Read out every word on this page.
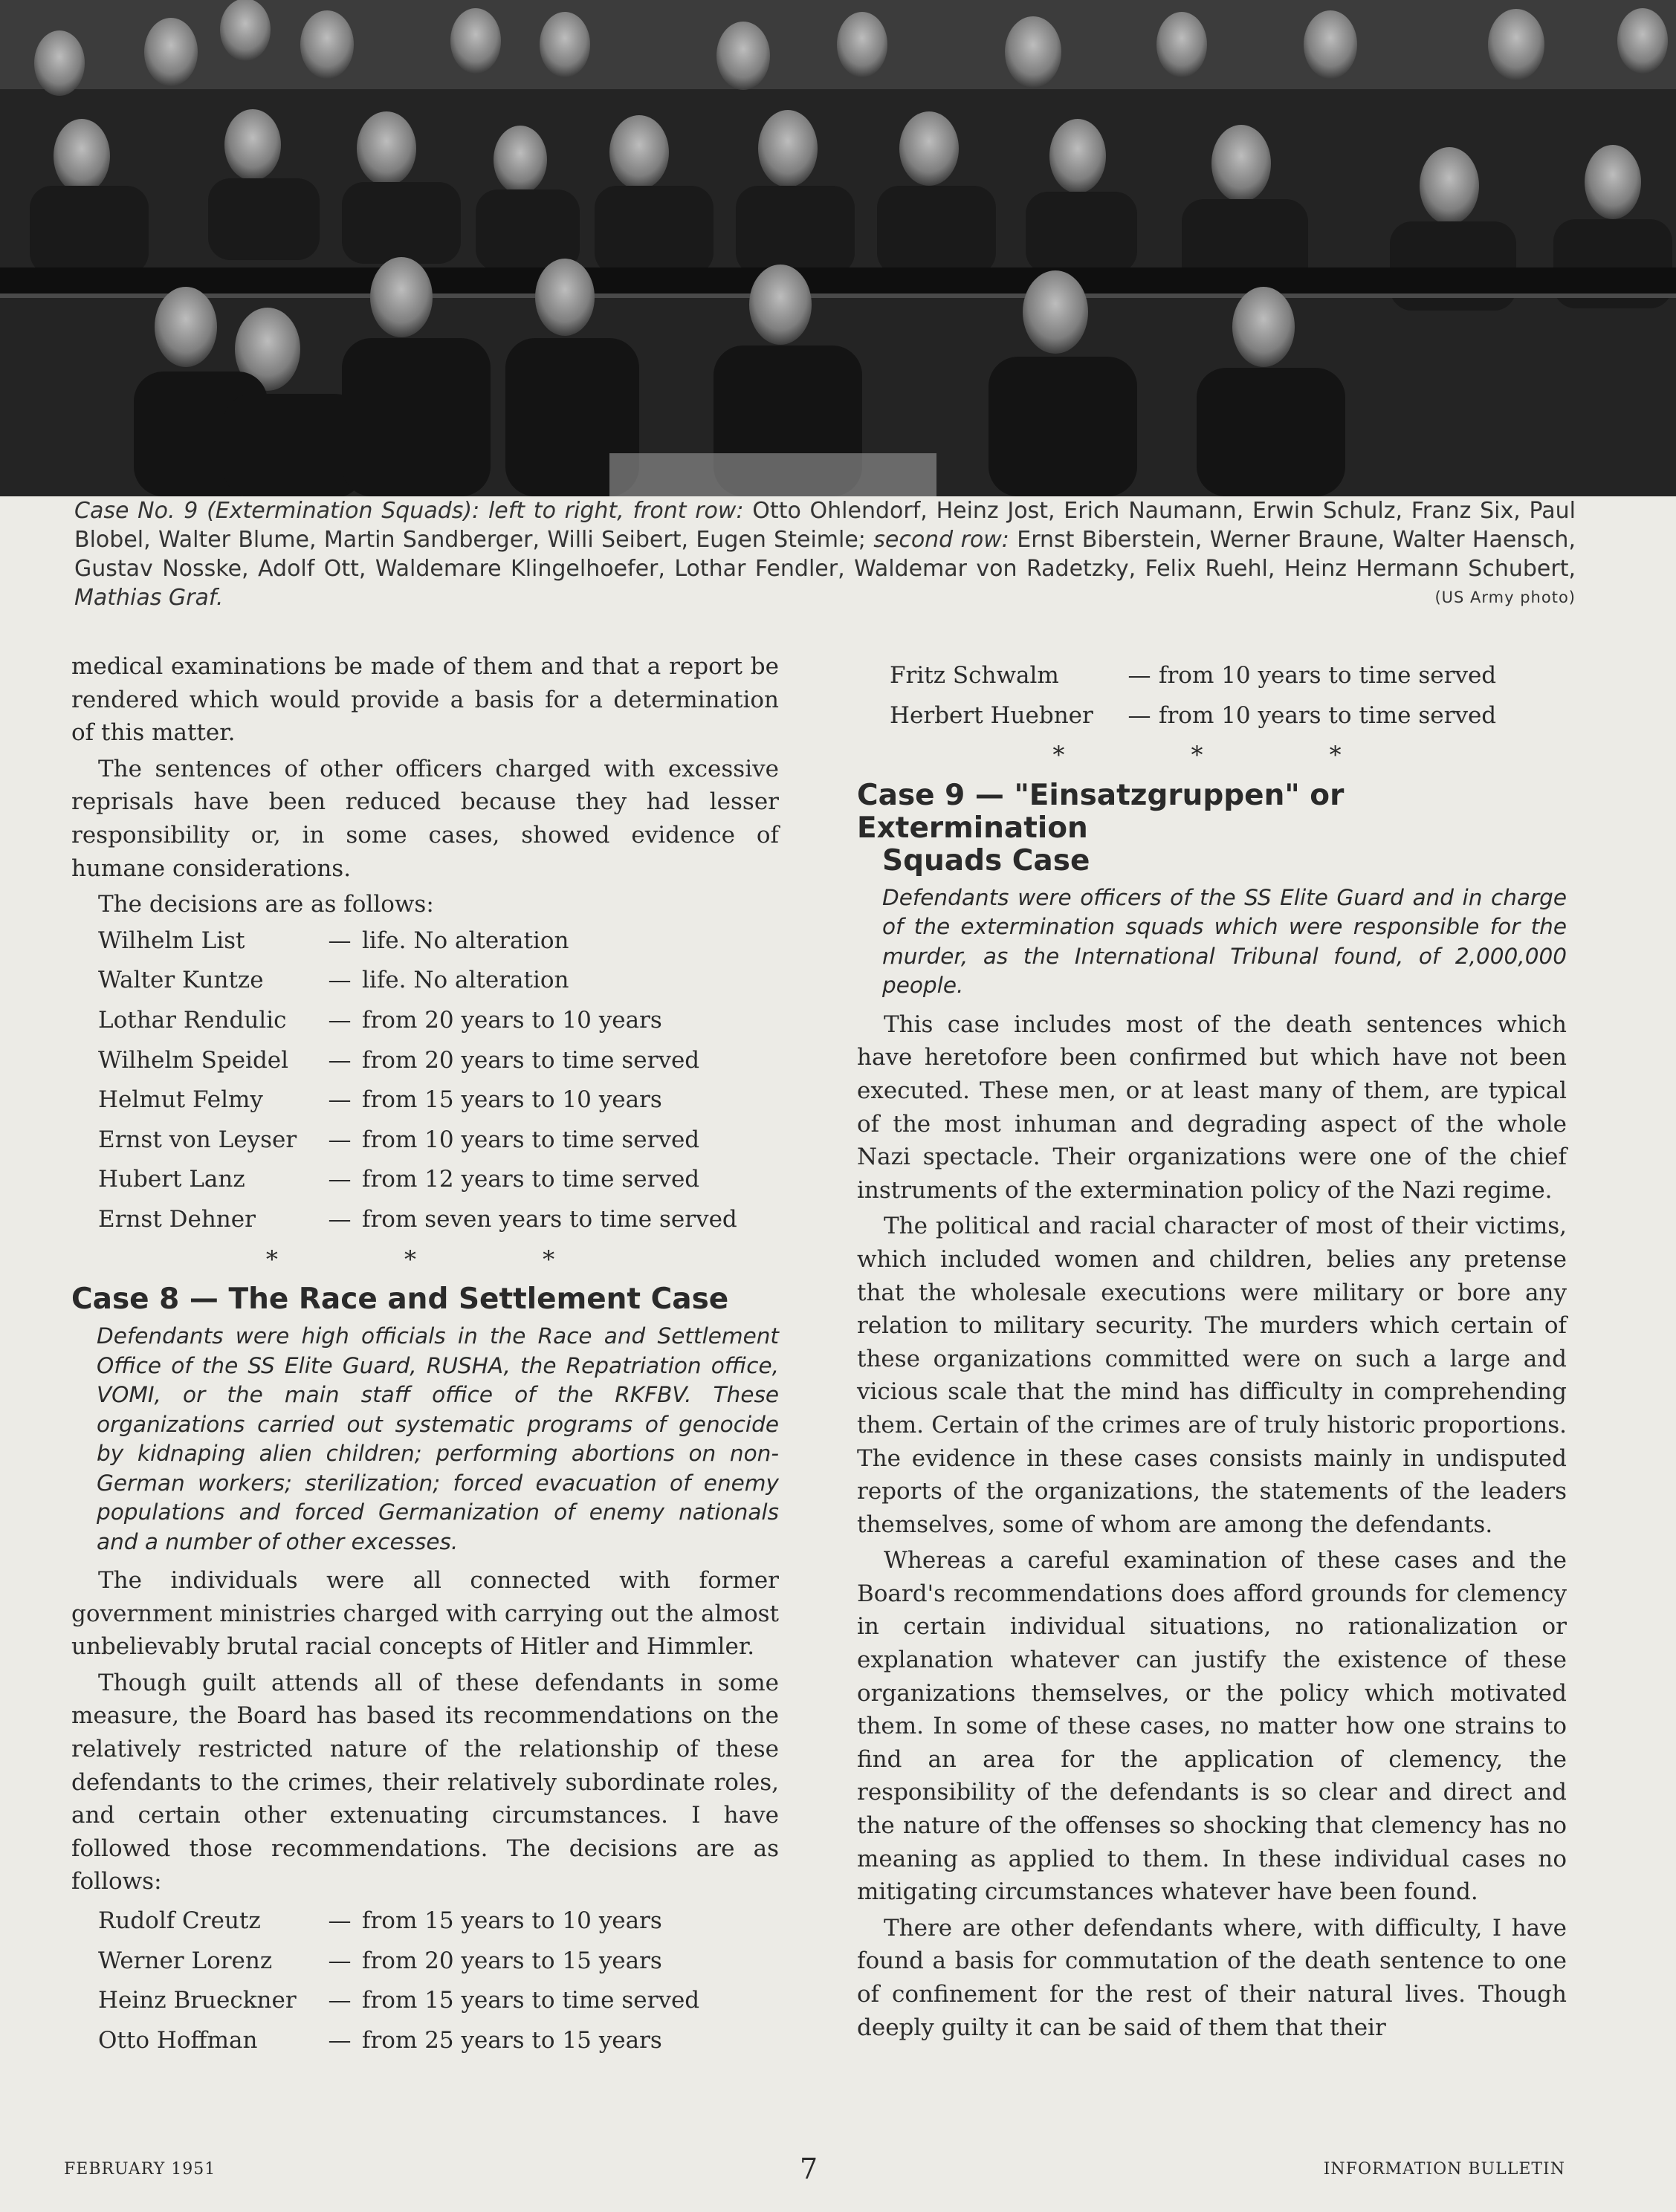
Case No. 9 (Extermination Squads): left to right, front row: Otto Ohlendorf, Heinz Jost, Erich Naumann, Erwin Schulz, Franz Six, Paul Blobel, Walter Blume, Martin Sandberger, Willi Seibert, Eugen Steimle; second row: Ernst Biberstein, Werner Braune, Walter Haensch, Gustav Nosske, Adolf Ott, Waldemare Klingelhoefer, Lothar Fendler, Waldemar von Radetzky, Felix Ruehl, Heinz Hermann Schubert, Mathias Graf.	(US Army photo)

medical examinations be made of them and that a report be rendered which would provide a basis for a determination of this matter.

The sentences of other officers charged with excessive reprisals have been reduced because they had lesser responsibility or, in some cases, showed evidence of humane considerations.

The decisions are as follows:

Wilhelm List	— life. No alteration
Walter Kuntze	— life. No alteration
Lothar Rendulic	— from 20 years to 10 years
Wilhelm Speidel	— from 20 years to time served
Helmut Felmy	— from 15 years to 10 years
Ernst von Leyser	— from 10 years to time served
Hubert Lanz	— from 12 years to time served
Ernst Dehner	— from seven years to time served
* * *
Case 8 — The Race and Settlement Case

Defendants were high officials in the Race and Settlement Office of the SS Elite Guard, RUSHA, the Repatriation office, VOMI, or the main staff office of the RKFBV. These organizations carried out systematic programs of genocide by kidnaping alien children; performing abortions on non-German workers; sterilization; forced evacuation of enemy populations and forced Germanization of enemy nationals and a number of other excesses.

The individuals were all connected with former government ministries charged with carrying out the almost unbelievably brutal racial concepts of Hitler and Himmler.

Though guilt attends all of these defendants in some measure, the Board has based its recommendations on the relatively restricted nature of the relationship of these defendants to the crimes, their relatively subordinate roles, and certain other extenuating circumstances. I have followed those recommendations. The decisions are as follows:

Rudolf Creutz	— from 15 years to 10 years
Werner Lorenz	— from 20 years to 15 years
Heinz Brueckner	— from 15 years to time served
Otto Hoffman	— from 25 years to 15 years
Fritz Schwalm	— from 10 years to time served
Herbert Huebner	— from 10 years to time served
* * *
Case 9 — "Einsatzgruppen" or Extermination
Squads Case

Defendants were officers of the SS Elite Guard and in charge of the extermination squads which were responsible for the murder, as the International Tribunal found, of 2,000,000 people.

This case includes most of the death sentences which have heretofore been confirmed but which have not been executed. These men, or at least many of them, are typical of the most inhuman and degrading aspect of the whole Nazi spectacle. Their organizations were one of the chief instruments of the extermination policy of the Nazi regime.

The political and racial character of most of their victims, which included women and children, belies any pretense that the wholesale executions were military or bore any relation to military security. The murders which certain of these organizations committed were on such a large and vicious scale that the mind has difficulty in comprehending them. Certain of the crimes are of truly historic proportions. The evidence in these cases consists mainly in undisputed reports of the organizations, the statements of the leaders themselves, some of whom are among the defendants.

Whereas a careful examination of these cases and the Board's recommendations does afford grounds for clemency in certain individual situations, no rationalization or explanation whatever can justify the existence of these organizations themselves, or the policy which motivated them. In some of these cases, no matter how one strains to find an area for the application of clemency, the responsibility of the defendants is so clear and direct and the nature of the offenses so shocking that clemency has no meaning as applied to them. In these individual cases no mitigating circumstances whatever have been found.

There are other defendants where, with difficulty, I have found a basis for commutation of the death sentence to one of confinement for the rest of their natural lives. Though deeply guilty it can be said of them that their

FEBRUARY 1951	7	INFORMATION BULLETIN
